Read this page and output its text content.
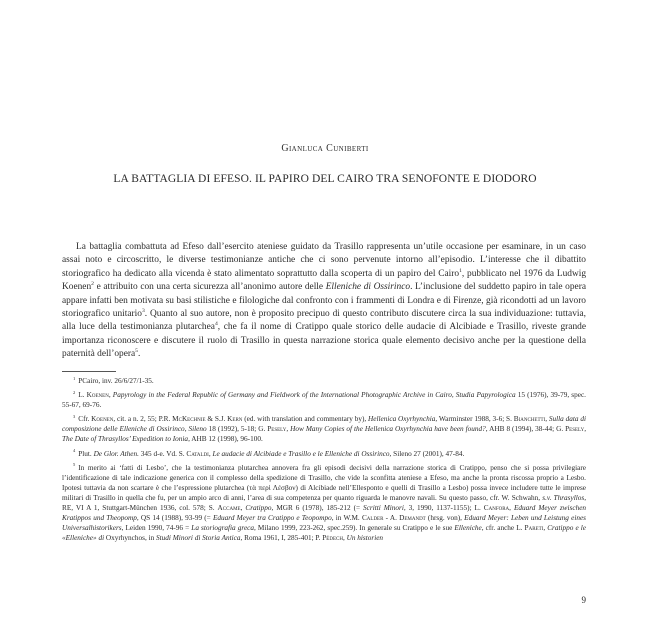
Gianluca Cuniberti
LA BATTAGLIA DI EFESO. IL PAPIRO DEL CAIRO TRA SENOFONTE E DIODORO

La battaglia combattuta ad Efeso dall’esercito ateniese guidato da Trasillo rappresenta un’utile occasione per esaminare, in un caso assai noto e circoscritto, le diverse testimonianze antiche che ci sono pervenute intorno all’episodio. L’interesse che il dibattito storiografico ha dedicato alla vicenda è stato alimentato soprattutto dalla scoperta di un papiro del Cairo$^1$, pubblicato nel 1976 da Ludwig Koenen$^2$ e attribuito con una certa sicurezza all’anonimo autore delle Elleniche di Ossirinco. L’inclusione del suddetto papiro in tale opera appare infatti ben motivata su basi stilistiche e filologiche dal confronto con i frammenti di Londra e di Firenze, già ricondotti ad un lavoro storiografico unitario$^3$. Quanto al suo autore, non è proposito precipuo di questo contributo discutere circa la sua individuazione: tuttavia, alla luce della testimonianza plutarchea$^4$, che fa il nome di Cratippo quale storico delle audacie di Alcibiade e Trasillo, riveste grande importanza riconoscere e discutere il ruolo di Trasillo in questa narrazione storica quale elemento decisivo anche per la questione della paternità dell’opera$^5$.

$^1$ PCairo, inv. 26/6/27/1-35.

$^2$ L. Koenen, Papyrology in the Federal Republic of Germany and Fieldwork of the International Photographic Archive in Cairo, Studia Papyrologica 15 (1976), 39-79, spec. 55-67, 69-76.

$^3$ Cfr. Koenen, cit. a n. 2, 55; P.R. McKechnie & S.J. Kern (ed. with translation and commentary by), Hellenica Oxyrhynchia, Warminster 1988, 3-6; S. Bianchetti, Sulla data di composizione delle Elleniche di Ossirinco, Sileno 18 (1992), 5-18; G. Pesely, How Many Copies of the Hellenica Oxyrhynchia have been found?, AHB 8 (1994), 38-44; G. Pesely, The Date of Thrasyllos’ Expedition to Ionia, AHB 12 (1998), 96-100.

$^4$ Plut. De Glor. Athen. 345 d-e. Vd. S. Cataldi, Le audacie di Alcibiade e Trasillo e le Elleniche di Ossirinco, Sileno 27 (2001), 47-84.

$^5$ In merito ai ‘fatti di Lesbo’, che la testimonianza plutarchea annovera fra gli episodi decisivi della narrazione storica di Cratippo, penso che si possa privilegiare l’identificazione di tale indicazione generica con il complesso della spedizione di Trasillo, che vide la sconfitta ateniese a Efeso, ma anche la pronta riscossa proprio a Lesbo. Ipotesi tuttavia da non scartare è che l’espressione plutarchea (τὰ περὶ Λέσβον) di Alcibiade nell’Ellesponto e quelli di Trasillo a Lesbo) possa invece includere tutte le imprese militari di Trasillo in quella che fu, per un ampio arco di anni, l’area di sua competenza per quanto riguarda le manovre navali. Su questo passo, cfr. W. Schwahn, s.v. Thrasyllos, RE, VI A 1, Stuttgart-München 1936, col. 578; S. Accame, Cratippo, MGR 6 (1978), 185-212 (= Scritti Minori, 3, 1990, 1137-1155); L. Canfora, Eduard Meyer zwischen Kratippos und Theopomp, QS 14 (1988), 93-99 (= Eduard Meyer tra Cratippo e Teopompo, in W.M. Calder - A. Demandt (hrsg. von), Eduard Meyer: Leben und Leistung eines Universalhistorikers, Leiden 1990, 74-96 = La storiografia greca, Milano 1999, 223-262, spec.259). In generale su Cratippo e le sue Elleniche, cfr. anche L. Pareti, Cratippo e le «Elleniche» di Oxyrhynchos, in Studi Minori di Storia Antica, Roma 1961, I, 285-401; P. Pédech, Un historien

9
